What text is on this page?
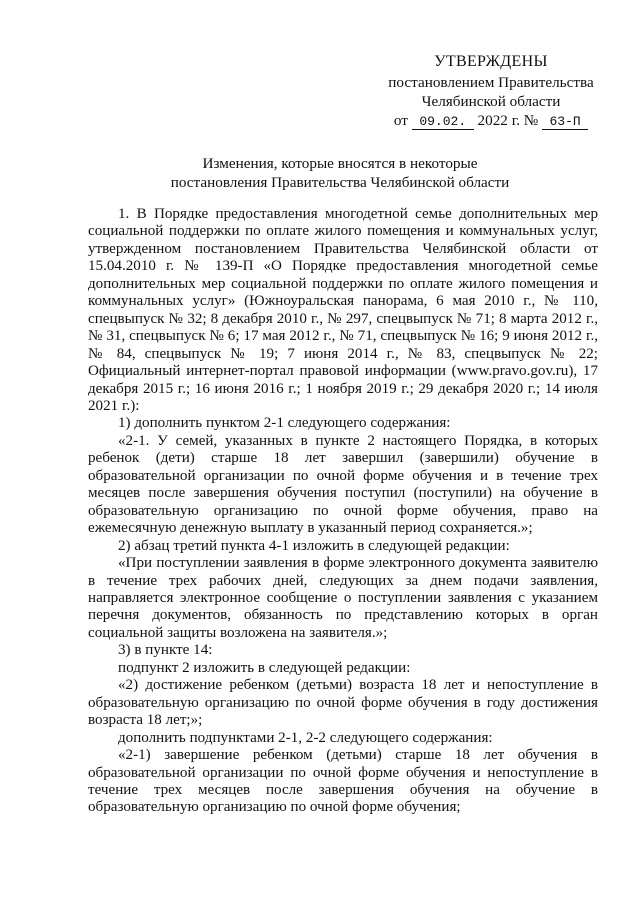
УТВЕРЖДЕНЫ
постановлением Правительства
Челябинской области
от 09.02. 2022 г. № 63-П
Изменения, которые вносятся в некоторые
постановления Правительства Челябинской области

1. В Порядке предоставления многодетной семье дополнительных мер социальной поддержки по оплате жилого помещения и коммунальных услуг, утвержденном постановлением Правительства Челябинской области от 15.04.2010 г. № 139-П «О Порядке предоставления многодетной семье дополнительных мер социальной поддержки по оплате жилого помещения и коммунальных услуг» (Южноуральская панорама, 6 мая 2010 г., № 110, спецвыпуск № 32; 8 декабря 2010 г., № 297, спецвыпуск № 71; 8 марта 2012 г., № 31, спецвыпуск № 6; 17 мая 2012 г., № 71, спецвыпуск № 16; 9 июня 2012 г., № 84, спецвыпуск № 19; 7 июня 2014 г., № 83, спецвыпуск № 22; Официальный интернет-портал правовой информации (www.pravo.gov.ru), 17 декабря 2015 г.; 16 июня 2016 г.; 1 ноября 2019 г.; 29 декабря 2020 г.; 14 июля 2021 г.):

1) дополнить пунктом 2-1 следующего содержания:

«2-1. У семей, указанных в пункте 2 настоящего Порядка, в которых ребенок (дети) старше 18 лет завершил (завершили) обучение в образовательной организации по очной форме обучения и в течение трех месяцев после завершения обучения поступил (поступили) на обучение в образовательную организацию по очной форме обучения, право на ежемесячную денежную выплату в указанный период сохраняется.»;

2) абзац третий пункта 4-1 изложить в следующей редакции:

«При поступлении заявления в форме электронного документа заявителю в течение трех рабочих дней, следующих за днем подачи заявления, направляется электронное сообщение о поступлении заявления с указанием перечня документов, обязанность по представлению которых в орган социальной защиты возложена на заявителя.»;

3) в пункте 14:

подпункт 2 изложить в следующей редакции:

«2) достижение ребенком (детьми) возраста 18 лет и непоступление в образовательную организацию по очной форме обучения в году достижения возраста 18 лет;»;

дополнить подпунктами 2-1, 2-2 следующего содержания:

«2-1) завершение ребенком (детьми) старше 18 лет обучения в образовательной организации по очной форме обучения и непоступление в течение трех месяцев после завершения обучения на обучение в образовательную организацию по очной форме обучения;
